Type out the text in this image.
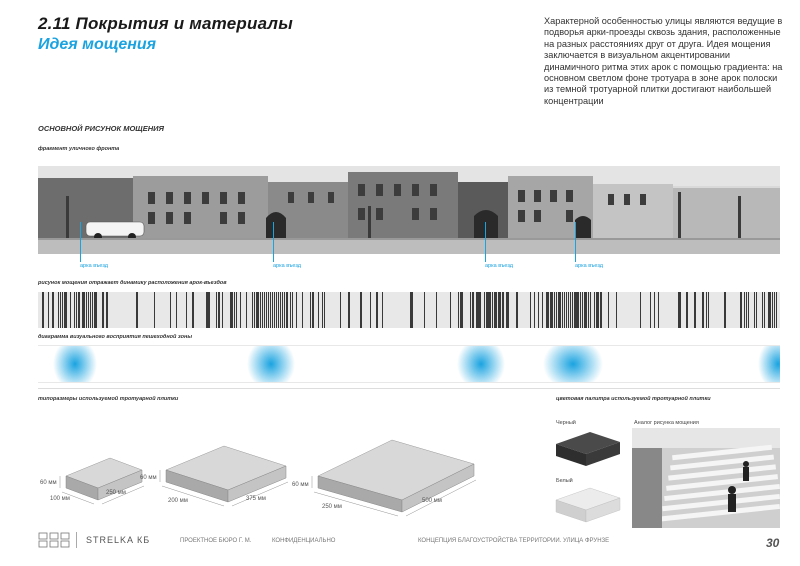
2.11 Покрытия и материалы
Идея мощения
Характерной особенностью улицы являются ведущие в подворья арки-проезды сквозь здания, расположенные на разных расстояниях друг от друга. Идея мощения заключается в визуальном акцентировании динамичного ритма этих арок с помощью градиента: на основном светлом фоне тротуара в зоне арок полоски из темной тротуарной плитки достигают наибольшей концентрации
ОСНОВНОЙ РИСУНОК МОЩЕНИЯ
фрагмент уличного фронта
арка въезд	арка въезд	арка въезд	арка въезд
рисунок мощения отражает динамику расположения арок-въездов
диаграмма визуального восприятия пешеходной зоны
типоразмеры используемой тротуарной плитки
60 мм
100 мм
250 мм
60 мм
200 мм	375 мм
60 мм
250 мм
500 мм
цветовая палитра используемой тротуарной плитки
Черный	Аналог рисунка мощения
Белый
STRELKA КБ	ПРОЕКТНОЕ БЮРО Г. М.	КОНФИДЕНЦИАЛЬНО	КОНЦЕПЦИЯ БЛАГОУСТРОЙСТВА ТЕРРИТОРИИ. УЛИЦА ФРУНЗЕ	30
